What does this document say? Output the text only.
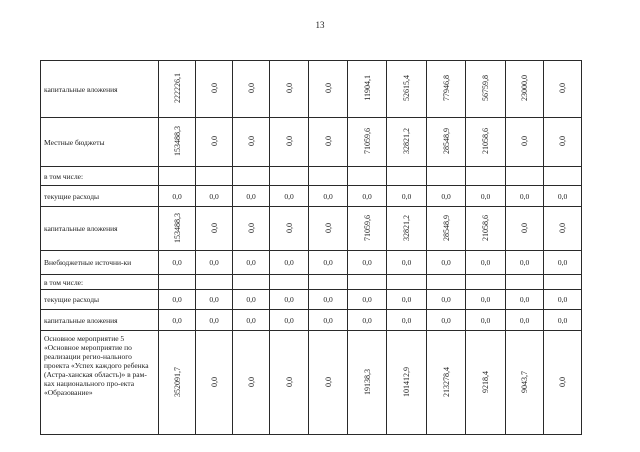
13
капитальные вложения	222226,1	0,0	0,0	0,0	0,0	11904,1	52615,4	77946,8	56759,8	23000,0	0,0
Местные бюджеты	153488,3	0,0	0,0	0,0	0,0	71059,6	32821,2	28548,9	21058,6	0,0	0,0
в том числе:											
текущие расходы	0,0	0,0	0,0	0,0	0,0	0,0	0,0	0,0	0,0	0,0	0,0
капитальные вложения	153488,3	0,0	0,0	0,0	0,0	71059,6	32821,2	28548,9	21058,6	0,0	0,0
Внебюджетные источни-ки	0,0	0,0	0,0	0,0	0,0	0,0	0,0	0,0	0,0	0,0	0,0
в том числе:											
текущие расходы	0,0	0,0	0,0	0,0	0,0	0,0	0,0	0,0	0,0	0,0	0,0
капитальные вложения	0,0	0,0	0,0	0,0	0,0	0,0	0,0	0,0	0,0	0,0	0,0
Основное мероприятие 5 «Основное мероприятие по реализации регио-нального проекта «Успех каждого ребенка (Астра-ханская область)» в рам-ках национального про-екта «Образование»	352091,7	0,0	0,0	0,0	0,0	19138,3	101412,9	213278,4	9218,4	9043,7	0,0
